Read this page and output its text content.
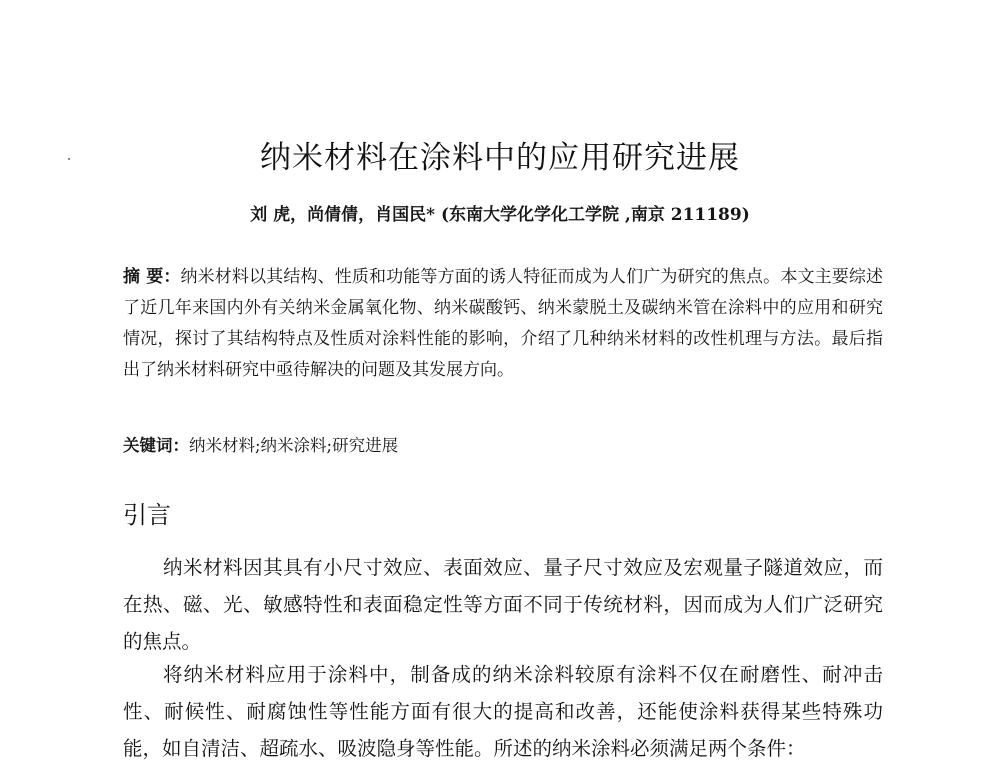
纳米材料在涂料中的应用研究进展
刘 虎，尚倩倩，肖国民* (东南大学化学化工学院 ,南京 211189)
摘 要：纳米材料以其结构、性质和功能等方面的诱人特征而成为人们广为研究的焦点。本文主要综述了近几年来国内外有关纳米金属氧化物、纳米碳酸钙、纳米蒙脱土及碳纳米管在涂料中的应用和研究情况，探讨了其结构特点及性质对涂料性能的影响，介绍了几种纳米材料的改性机理与方法。最后指出了纳米材料研究中亟待解决的问题及其发展方向。
关键词：纳米材料;纳米涂料;研究进展
引言

纳米材料因其具有小尺寸效应、表面效应、量子尺寸效应及宏观量子隧道效应，而在热、磁、光、敏感特性和表面稳定性等方面不同于传统材料，因而成为人们广泛研究的焦点。

将纳米材料应用于涂料中，制备成的纳米涂料较原有涂料不仅在耐磨性、耐冲击性、耐候性、耐腐蚀性等性能方面有很大的提高和改善，还能使涂料获得某些特殊功能，如自清洁、超疏水、吸波隐身等性能。所述的纳米涂料必须满足两个条件：
